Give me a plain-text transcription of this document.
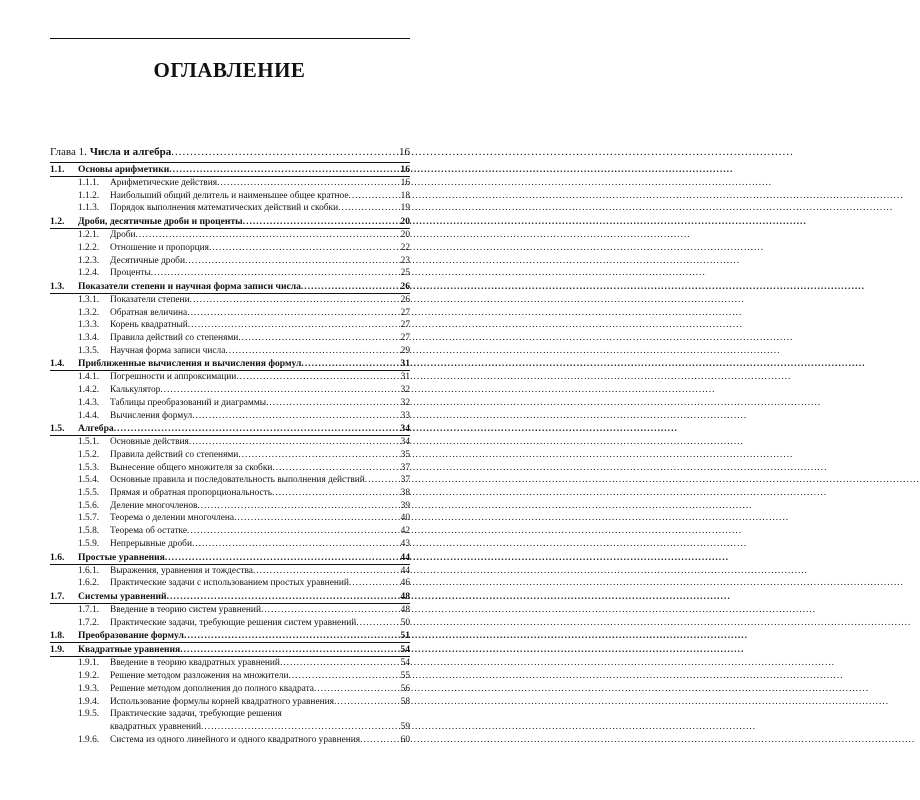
ОГЛАВЛЕНИЕ
Глава 1. Числа и алгебра .....	16
1.1.	Основы арифметики .....	16
1.1.1.	Арифметические действия .....	16
1.1.2.	Наибольший общий делитель и наименьшее общее кратное .....	18
1.1.3.	Порядок выполнения математических действий и скобки .....	19
1.2.	Дроби, десятичные дроби и проценты .....	20
1.2.1.	Дроби .....	20
1.2.2.	Отношение и пропорция .....	22
1.2.3.	Десятичные дроби .....	23
1.2.4.	Проценты .....	25
1.3.	Показатели степени и научная форма записи числа .....	26
1.3.1.	Показатели степени .....	26
1.3.2.	Обратная величина .....	27
1.3.3.	Корень квадратный .....	27
1.3.4.	Правила действий со степенями .....	27
1.3.5.	Научная форма записи числа .....	29
1.4.	Приближенные вычисления и вычисления формул .....	31
1.4.1.	Погрешности и аппроксимации .....	31
1.4.2.	Калькулятор .....	32
1.4.3.	Таблицы преобразований и диаграммы .....	32
1.4.4.	Вычисления формул .....	33
1.5.	Алгебра .....	34
1.5.1.	Основные действия .....	34
1.5.2.	Правила действий со степенями .....	35
1.5.3.	Вынесение общего множителя за скобки .....	37
1.5.4.	Основные правила и последовательность выполнения действий .....	37
1.5.5.	Прямая и обратная пропорциональность .....	38
1.5.6.	Деление многочленов .....	39
1.5.7.	Теорема о делении многочлена .....	40
1.5.8.	Теорема об остатке .....	42
1.5.9.	Непрерывные дроби .....	43
1.6.	Простые уравнения .....	44
1.6.1.	Выражения, уравнения и тождества .....	44
1.6.2.	Практические задачи с использованием простых уравнений .....	46
1.7.	Системы уравнений .....	48
1.7.1.	Введение в теорию систем уравнений .....	48
1.7.2.	Практические задачи, требующие решения систем уравнений .....	50
1.8.	Преобразование формул .....	51
1.9.	Квадратные уравнения .....	54
1.9.1.	Введение в теорию квадратных уравнений .....	54
1.9.2.	Решение методом разложения на множители .....	55
1.9.3.	Решение методом дополнения до полного квадрата .....	56
1.9.4.	Использование формулы корней квадратного уравнения .....	58
1.9.5.	Практические задачи, требующие решения
квадратных уравнений .....	59
1.9.6.	Система из одного линейного и одного квадратного уравнения .....	60
